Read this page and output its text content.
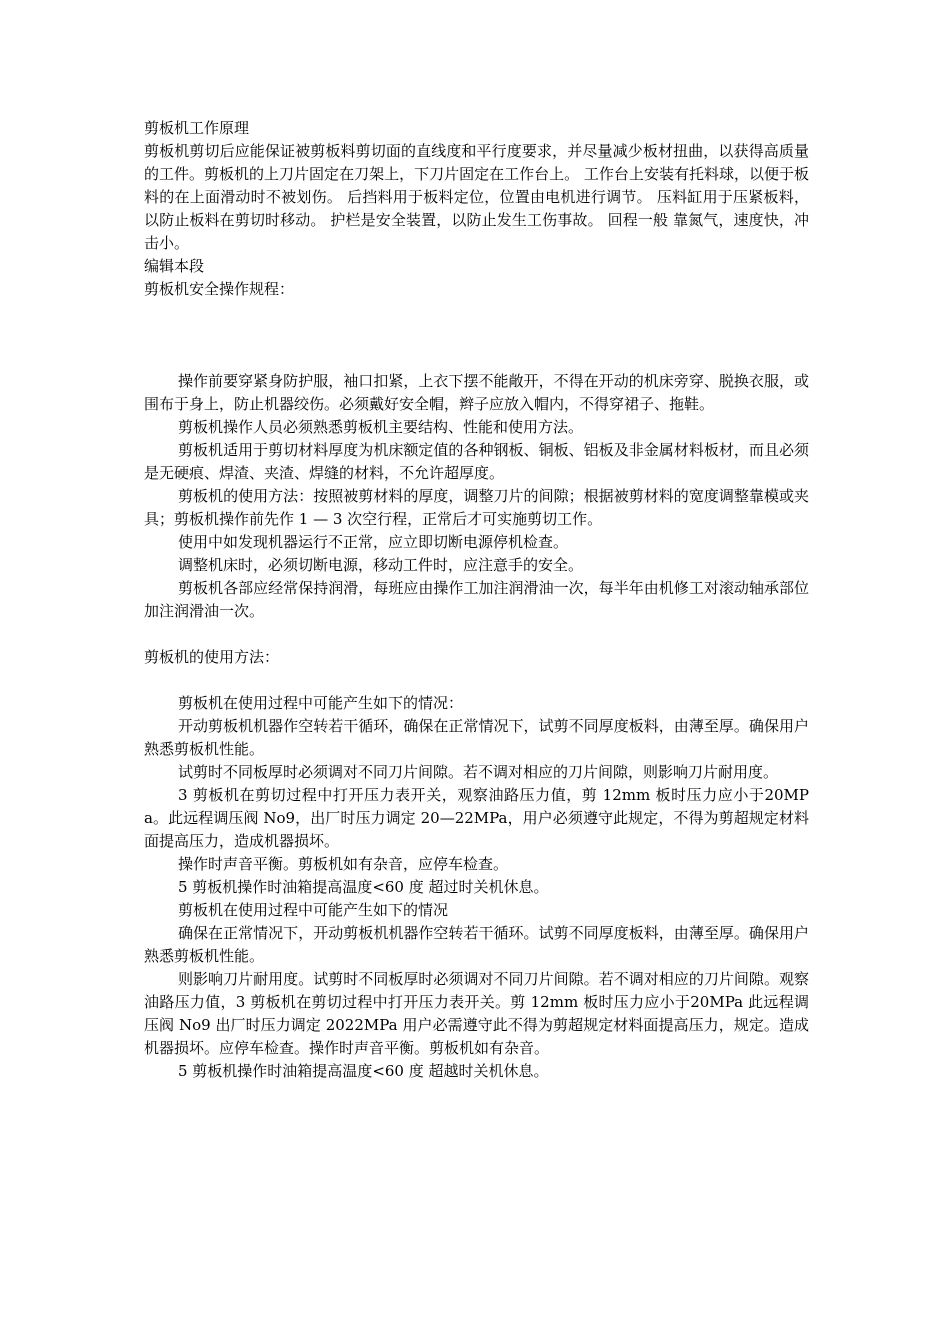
剪板机工作原理

剪板机剪切后应能保证被剪板料剪切面的直线度和平行度要求，并尽量减少板材扭曲，以获得高质量的工件。剪板机的上刀片固定在刀架上，下刀片固定在工作台上。 工作台上安装有托料球，以便于板料的在上面滑动时不被划伤。 后挡料用于板料定位，位置由电机进行调节。 压料缸用于压紧板料，以防止板料在剪切时移动。 护栏是安全装置，以防止发生工伤事故。 回程一般 靠氮气，速度快，冲击小。

编辑本段

剪板机安全操作规程：

操作前要穿紧身防护服，袖口扣紧，上衣下摆不能敞开，不得在开动的机床旁穿、脱换衣服，或围布于身上，防止机器绞伤。必须戴好安全帽，辫子应放入帽内，不得穿裙子、拖鞋。

剪板机操作人员必须熟悉剪板机主要结构、性能和使用方法。

剪板机适用于剪切材料厚度为机床额定值的各种钢板、铜板、铝板及非金属材料板材，而且必须是无硬痕、焊渣、夹渣、焊缝的材料，不允许超厚度。

剪板机的使用方法：按照被剪材料的厚度，调整刀片的间隙；根据被剪材料的宽度调整靠模或夹具；剪板机操作前先作 1 — 3 次空行程，正常后才可实施剪切工作。

使用中如发现机器运行不正常，应立即切断电源停机检查。

调整机床时，必须切断电源，移动工件时，应注意手的安全。

剪板机各部应经常保持润滑，每班应由操作工加注润滑油一次，每半年由机修工对滚动轴承部位加注润滑油一次。

剪板机的使用方法：

剪板机在使用过程中可能产生如下的情况：

开动剪板机机器作空转若干循环，确保在正常情况下，试剪不同厚度板料，由薄至厚。确保用户熟悉剪板机性能。

试剪时不同板厚时必须调对不同刀片间隙。若不调对相应的刀片间隙，则影响刀片耐用度。

3 剪板机在剪切过程中打开压力表开关，观察油路压力值，剪 12mm 板时压力应小于20MPa。此远程调压阀 No9，出厂时压力调定 20—22MPa，用户必须遵守此规定，不得为剪超规定材料面提高压力，造成机器损坏。

操作时声音平衡。剪板机如有杂音，应停车检查。

5 剪板机操作时油箱提高温度<60 度 超过时关机休息。

剪板机在使用过程中可能产生如下的情况

确保在正常情况下，开动剪板机机器作空转若干循环。试剪不同厚度板料，由薄至厚。确保用户熟悉剪板机性能。

则影响刀片耐用度。试剪时不同板厚时必须调对不同刀片间隙。若不调对相应的刀片间隙。观察油路压力值，3 剪板机在剪切过程中打开压力表开关。剪 12mm 板时压力应小于20MPa 此远程调压阀 No9 出厂时压力调定 2022MPa 用户必需遵守此不得为剪超规定材料面提高压力，规定。造成机器损坏。应停车检查。操作时声音平衡。剪板机如有杂音。

5 剪板机操作时油箱提高温度<60 度 超越时关机休息。
